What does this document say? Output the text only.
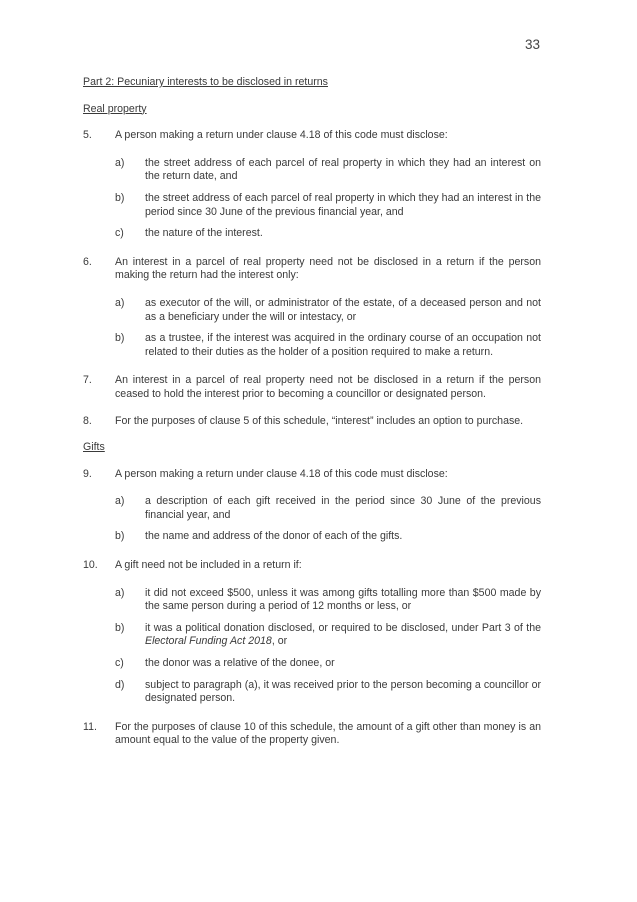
33

Part 2: Pecuniary interests to be disclosed in returns

Real property

5.	A person making a return under clause 4.18 of this code must disclose:
a)	the street address of each parcel of real property in which they had an interest on the return date, and
b)	the street address of each parcel of real property in which they had an interest in the period since 30 June of the previous financial year, and
c)	the nature of the interest.
6.	An interest in a parcel of real property need not be disclosed in a return if the person making the return had the interest only:
a)	as executor of the will, or administrator of the estate, of a deceased person and not as a beneficiary under the will or intestacy, or
b)	as a trustee, if the interest was acquired in the ordinary course of an occupation not related to their duties as the holder of a position required to make a return.
7.	An interest in a parcel of real property need not be disclosed in a return if the person ceased to hold the interest prior to becoming a councillor or designated person.
8.	For the purposes of clause 5 of this schedule, “interest” includes an option to purchase.

Gifts

9.	A person making a return under clause 4.18 of this code must disclose:
a)	a description of each gift received in the period since 30 June of the previous financial year, and
b)	the name and address of the donor of each of the gifts.
10.	A gift need not be included in a return if:
a)	it did not exceed $500, unless it was among gifts totalling more than $500 made by the same person during a period of 12 months or less, or
b)	it was a political donation disclosed, or required to be disclosed, under Part 3 of the Electoral Funding Act 2018, or
c)	the donor was a relative of the donee, or
d)	subject to paragraph (a), it was received prior to the person becoming a councillor or designated person.
11.	For the purposes of clause 10 of this schedule, the amount of a gift other than money is an amount equal to the value of the property given.
